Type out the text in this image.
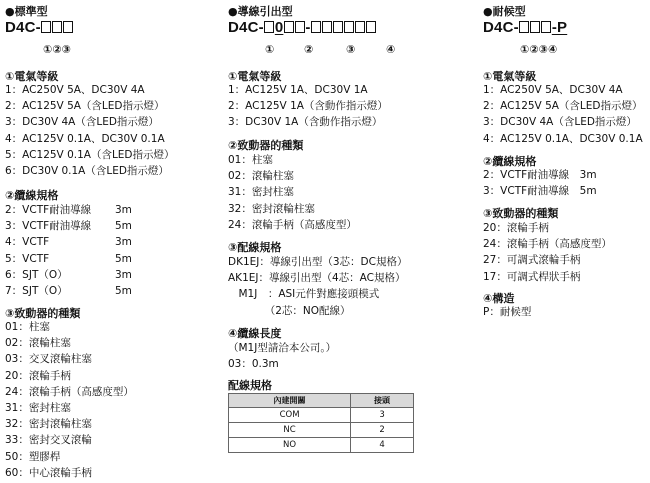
●標準型
D4C-
①②③
①電氣等級
1：AC250V 5A、DC30V 4A
2：AC125V 5A（含LED指示燈）
3：DC30V 4A（含LED指示燈）
4：AC125V 0.1A、DC30V 0.1A
5：AC125V 0.1A（含LED指示燈）
6：DC30V 0.1A（含LED指示燈）
②纜線規格
2：VCTF耐油導線 3m
3：VCTF耐油導線 5m
4：VCTF	3m
5：VCTF	5m
6：SJT（O）	3m
7：SJT（O）	5m
③致動器的種類
01：柱塞
02：滾輪柱塞
03：交叉滾輪柱塞
20：滾輪手柄
24：滾輪手柄（高感度型）
31：密封柱塞
32：密封滾輪柱塞
33：密封交叉滾輪
50：塑膠桿
60：中心滾輪手柄
●導線引出型
D4C- 0 -
①	②	③	④
①電氣等級
1：AC125V 1A、DC30V 1A
2：AC125V 1A（含動作指示燈）
3：DC30V 1A（含動作指示燈）
②致動器的種類
01：柱塞
02：滾輪柱塞
31：密封柱塞
32：密封滾輪柱塞
24：滾輪手柄（高感度型）
③配線規格
DK1EJ：導線引出型（3芯：DC規格）
AK1EJ：導線引出型（4芯：AC規格）
　M1J　：ASI元件對應接頭模式
　　　　（2芯：NO配線）
④纜線長度
（M1J型請洽本公司。）
03：0.3m
配線規格
內建開關	接頭
COM	3
NC	2
NO	4
●耐候型
D4C- -P
①②③④
①電氣等級
1：AC250V 5A、DC30V 4A
2：AC125V 5A（含LED指示燈）
3：DC30V 4A（含LED指示燈）
4：AC125V 0.1A、DC30V 0.1A
②纜線規格
2：VCTF耐油導線　3m
3：VCTF耐油導線　5m
③致動器的種類
20：滾輪手柄
24：滾輪手柄（高感度型）
27：可調式滾輪手柄
17：可調式桿狀手柄
④構造
P：耐候型
